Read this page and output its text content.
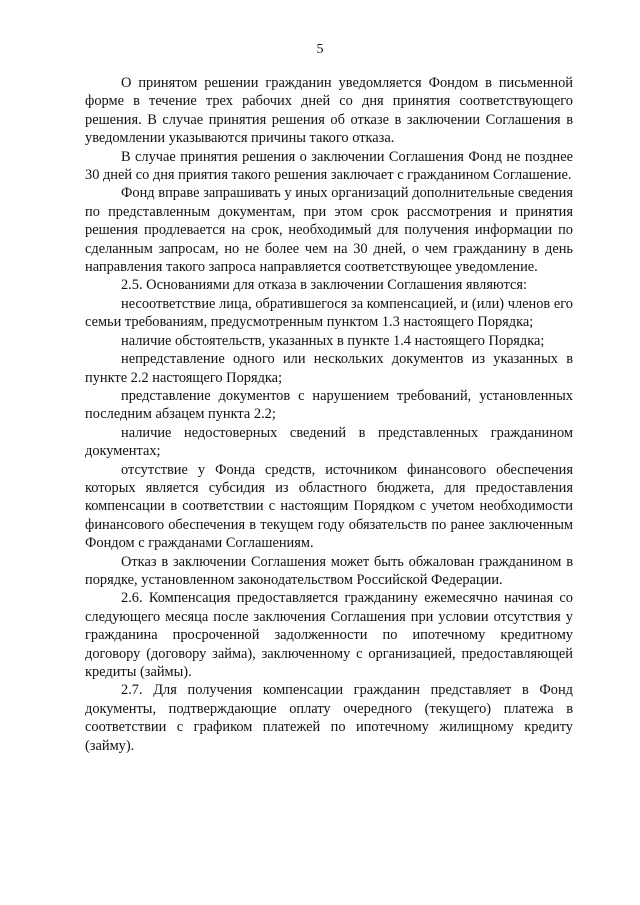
5

О принятом решении гражданин уведомляется Фондом в письменной форме в течение трех рабочих дней со дня принятия соответствующего решения. В случае принятия решения об отказе в заключении Соглашения в уведомлении указываются причины такого отказа.

В случае принятия решения о заключении Соглашения Фонд не позднее 30 дней со дня приятия такого решения заключает с гражданином Соглашение.

Фонд вправе запрашивать у иных организаций дополнительные сведения по представленным документам, при этом срок рассмотрения и принятия решения продлевается на срок, необходимый для получения информации по сделанным запросам, но не более чем на 30 дней, о чем гражданину в день направления такого запроса направляется соответствующее уведомление.

2.5. Основаниями для отказа в заключении Соглашения являются:

несоответствие лица, обратившегося за компенсацией, и (или) членов его семьи требованиям, предусмотренным пунктом 1.3 настоящего Порядка;

наличие обстоятельств, указанных в пункте 1.4 настоящего Порядка;

непредставление одного или нескольких документов из указанных в пункте 2.2 настоящего Порядка;

представление документов с нарушением требований, установленных последним абзацем пункта 2.2;

наличие недостоверных сведений в представленных гражданином документах;

отсутствие у Фонда средств, источником финансового обеспечения которых является субсидия из областного бюджета, для предоставления компенсации в соответствии с настоящим Порядком с учетом необходимости финансового обеспечения в текущем году обязательств по ранее заключенным Фондом с гражданами Соглашениям.

Отказ в заключении Соглашения может быть обжалован гражданином в порядке, установленном законодательством Российской Федерации.

2.6. Компенсация предоставляется гражданину ежемесячно начиная со следующего месяца после заключения Соглашения при условии отсутствия у гражданина просроченной задолженности по ипотечному кредитному договору (договору займа), заключенному с организацией, предоставляющей кредиты (займы).

2.7. Для получения компенсации гражданин представляет в Фонд документы, подтверждающие оплату очередного (текущего) платежа в соответствии с графиком платежей по ипотечному жилищному кредиту (займу).
